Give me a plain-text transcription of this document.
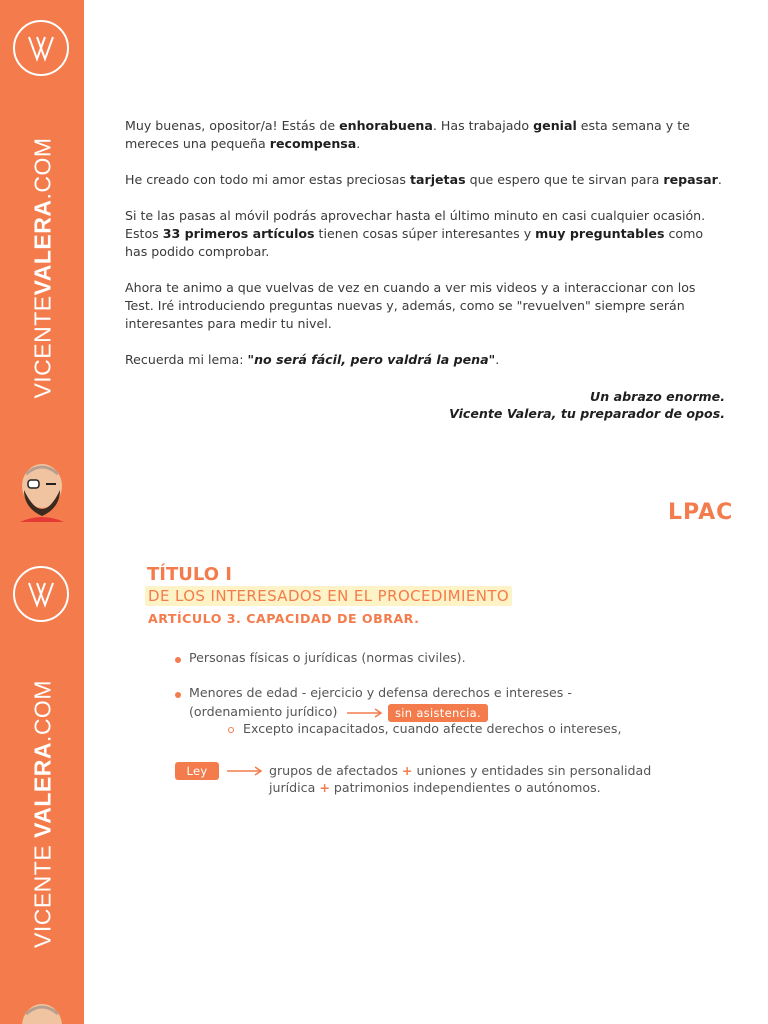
VICENTEVALERA.COM
VICENTE VALERA.COM

Muy buenas, opositor/a! Estás de enhorabuena. Has trabajado genial esta semana y te mereces una pequeña recompensa.

He creado con todo mi amor estas preciosas tarjetas que espero que te sirvan para repasar.

Si te las pasas al móvil podrás aprovechar hasta el último minuto en casi cualquier ocasión. Estos 33 primeros artículos tienen cosas súper interesantes y muy preguntables como has podido comprobar.

Ahora te animo a que vuelvas de vez en cuando a ver mis videos y a interaccionar con los Test. Iré introduciendo preguntas nuevas y, además, como se "revuelven" siempre serán interesantes para medir tu nivel.

Recuerda mi lema: "no será fácil, pero valdrá la pena".

Un abrazo enorme.
Vicente Valera, tu preparador de opos.
LPAC
TÍTULO I
DE LOS INTERESADOS EN EL PROCEDIMIENTO
ARTÍCULO 3. CAPACIDAD DE OBRAR.
Personas físicas o jurídicas (normas civiles).
Menores de edad - ejercicio y defensa derechos e intereses -
(ordenamiento jurídico)	sin asistencia.
Excepto incapacitados, cuando afecte derechos o intereses,
Ley	grupos de afectados + uniones y entidades sin personalidad
jurídica + patrimonios independientes o autónomos.
